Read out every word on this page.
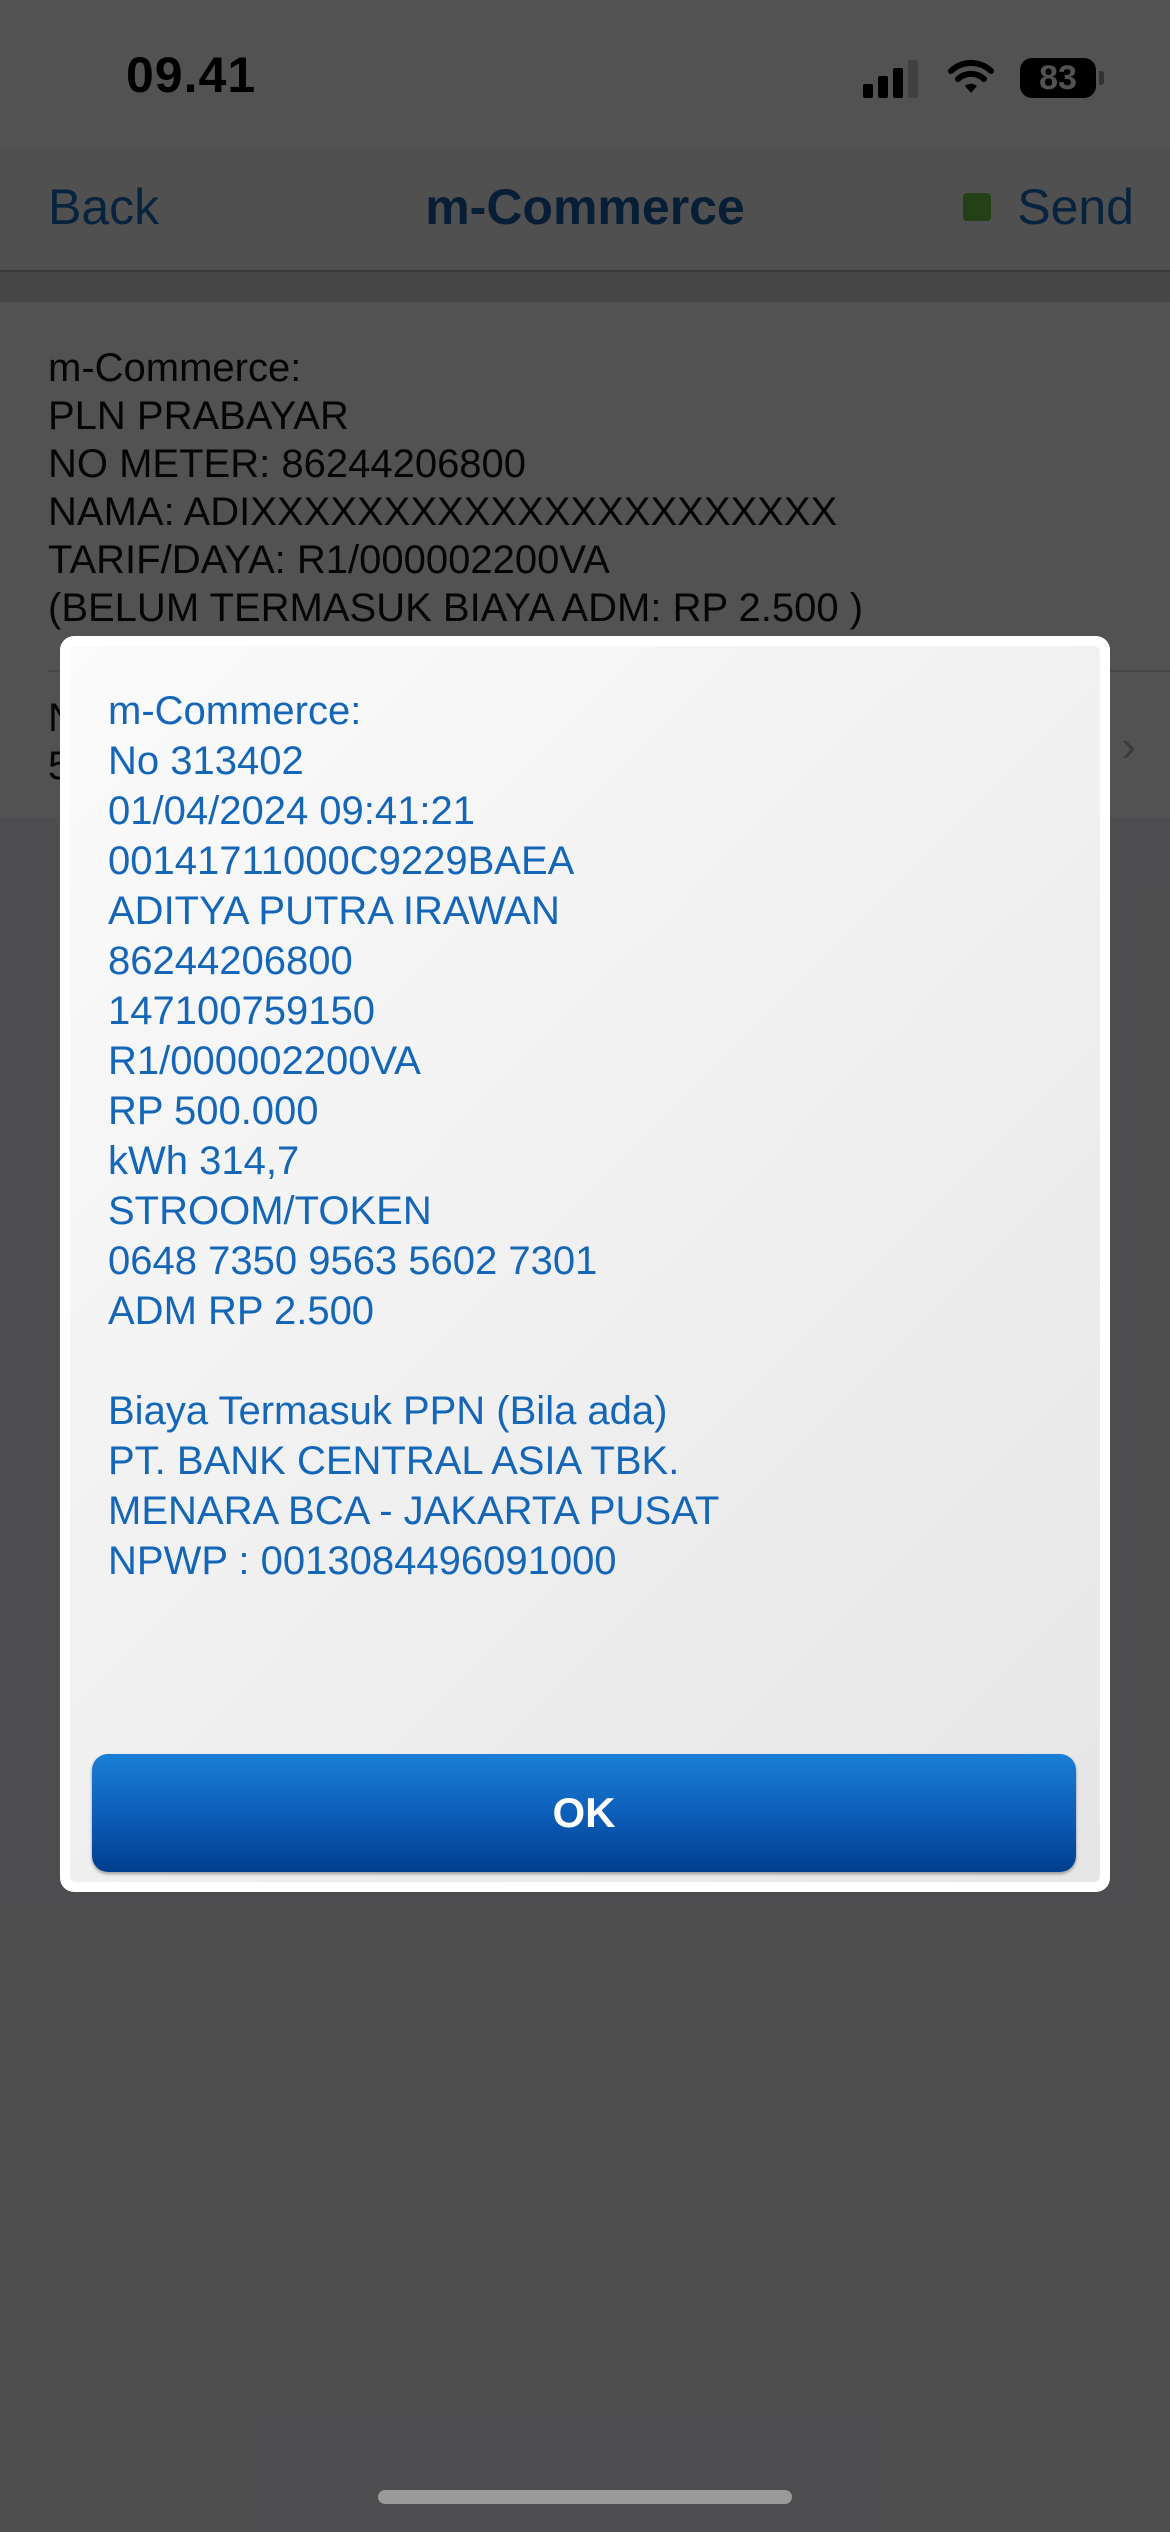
m-Commerce:
No 313402
01/04/2024 09:41:21
00141711000C9229BAEA
ADITYA PUTRA IRAWAN
86244206800
147100759150
R1/000002200VA
RP 500.000
kWh 314,7
STROOM/TOKEN
0648 7350 9563 5602 7301
ADM RP 2.500
Biaya Termasuk PPN (Bila ada)
PT. BANK CENTRAL ASIA TBK.
MENARA BCA - JAKARTA PUSAT
NPWP : 0013084496091000
OK
